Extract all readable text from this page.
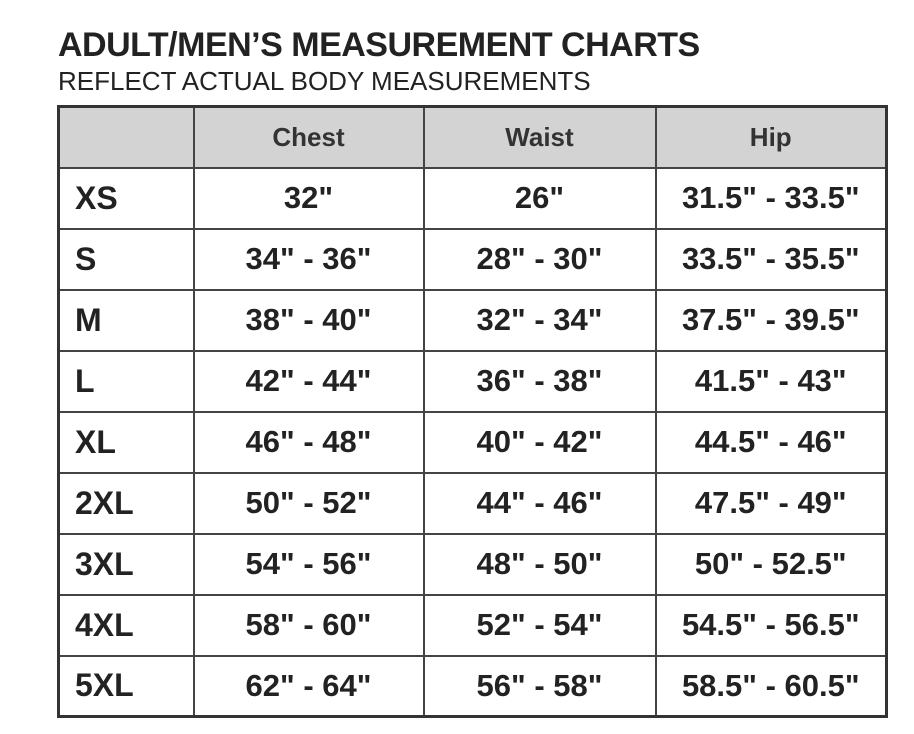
ADULT/MEN’S MEASUREMENT CHARTS
REFLECT ACTUAL BODY MEASUREMENTS
	Chest	Waist	Hip
XS	32"	26"	31.5" - 33.5"
S	34" - 36"	28" - 30"	33.5" - 35.5"
M	38" - 40"	32" - 34"	37.5" - 39.5"
L	42" - 44"	36" - 38"	41.5" - 43"
XL	46" - 48"	40" - 42"	44.5" - 46"
2XL	50" - 52"	44" - 46"	47.5" - 49"
3XL	54" - 56"	48" - 50"	50" - 52.5"
4XL	58" - 60"	52" - 54"	54.5" - 56.5"
5XL	62" - 64"	56" - 58"	58.5" - 60.5"
